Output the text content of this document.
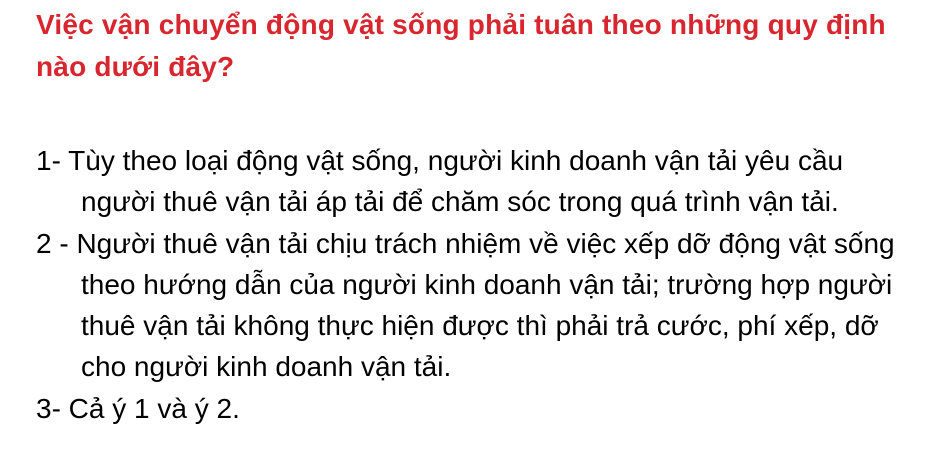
Việc vận chuyển động vật sống phải tuân theo những quy định nào dưới đây?

1- Tùy theo loại động vật sống, người kinh doanh vận tải yêu cầu người thuê vận tải áp tải để chăm sóc trong quá trình vận tải.

2 - Người thuê vận tải chịu trách nhiệm về việc xếp dỡ động vật sống theo hướng dẫn của người kinh doanh vận tải; trường hợp người thuê vận tải không thực hiện được thì phải trả cước, phí xếp, dỡ cho người kinh doanh vận tải.

3- Cả ý 1 và ý 2.
